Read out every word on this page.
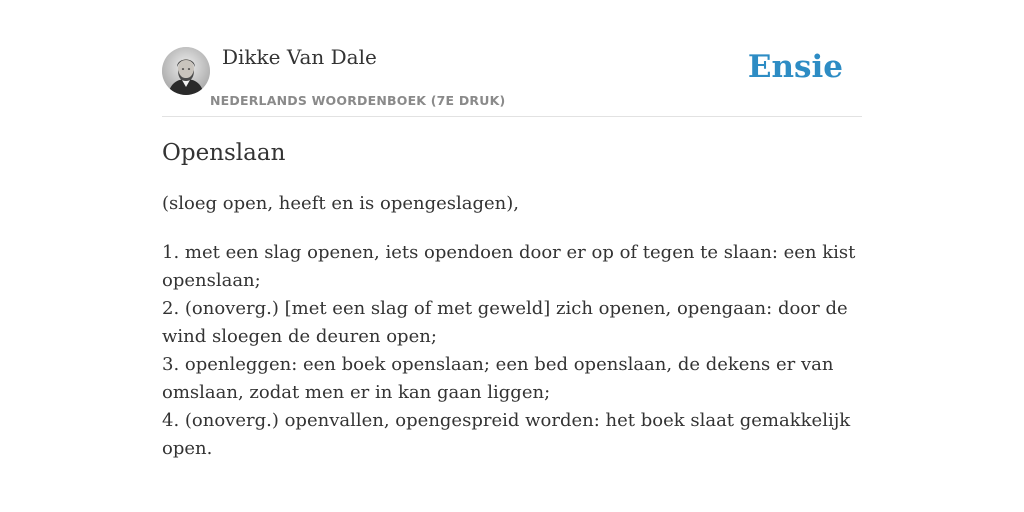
Dikke Van Dale
NEDERLANDS WOORDENBOEK (7E DRUK)
Ensie
Openslaan
(sloeg open, heeft en is opengeslagen),
1. met een slag openen, iets opendoen door er op of tegen te slaan: een kist openslaan;
2. (onoverg.) [met een slag of met geweld] zich openen, opengaan: door de wind sloegen de deuren open;
3. openleggen: een boek openslaan; een bed openslaan, de dekens er van omslaan, zodat men er in kan gaan liggen;
4. (onoverg.) openvallen, opengespreid worden: het boek slaat gemakkelijk open.
